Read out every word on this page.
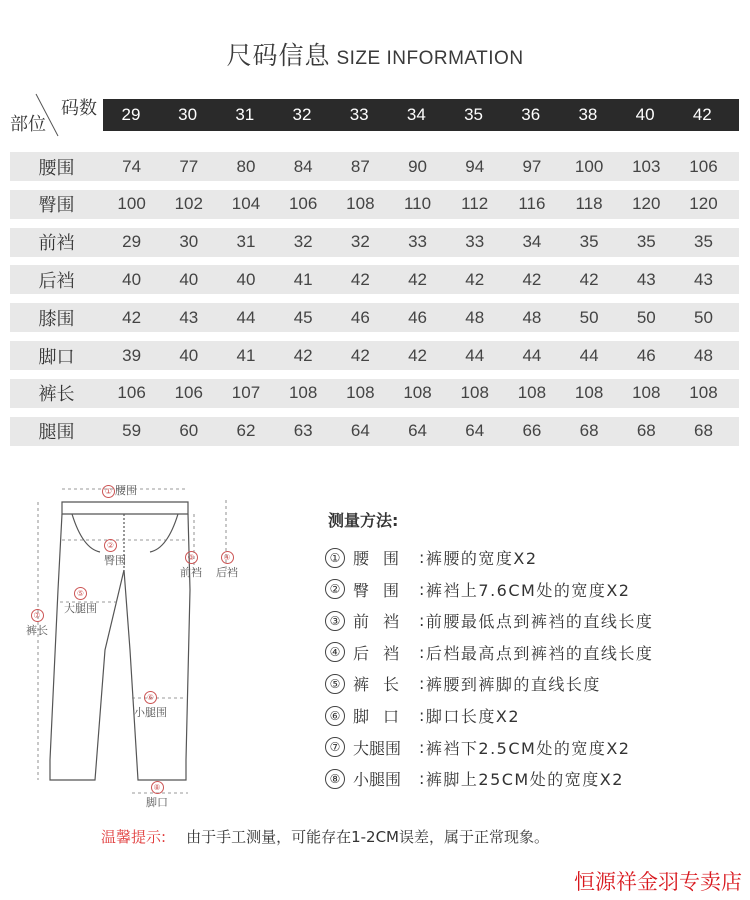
尺码信息 SIZE INFORMATION
码数
部位	29	30	31	32	33	34	35	36	38	40	42
腰围	74	77	80	84	87	90	94	97	100	103	106
臀围	100	102	104	106	108	110	112	116	118	120	120
前裆	29	30	31	32	32	33	33	34	35	35	35
后裆	40	40	40	41	42	42	42	42	42	43	43
膝围	42	43	44	45	46	46	48	48	50	50	50
脚口	39	40	41	42	42	42	44	44	44	46	48
裤长	106	106	107	108	108	108	108	108	108	108	108
腿围	59	60	62	63	64	64	64	66	68	68	68
① 腰围
②
臀围	③
前裆
④
后裆
⑤
大腿围
⑦
裤长
⑥
小腿围
⑧
脚口
测量方法:
① 腰围 : 裤腰的宽度X2
② 臀围 : 裤裆上7.6CM处的宽度X2
③ 前裆 : 前腰最低点到裤裆的直线长度
④ 后裆 : 后档最高点到裤裆的直线长度
⑤ 裤长 : 裤腰到裤脚的直线长度
⑥ 脚口 : 脚口长度X2
⑦ 大腿围	: 裤裆下2.5CM处的宽度X2
⑧ 小腿围	: 裤脚上25CM处的宽度X2
温馨提示: 由于手工测量，可能存在1-2CM误差，属于正常现象。
恒源祥金羽专卖店
